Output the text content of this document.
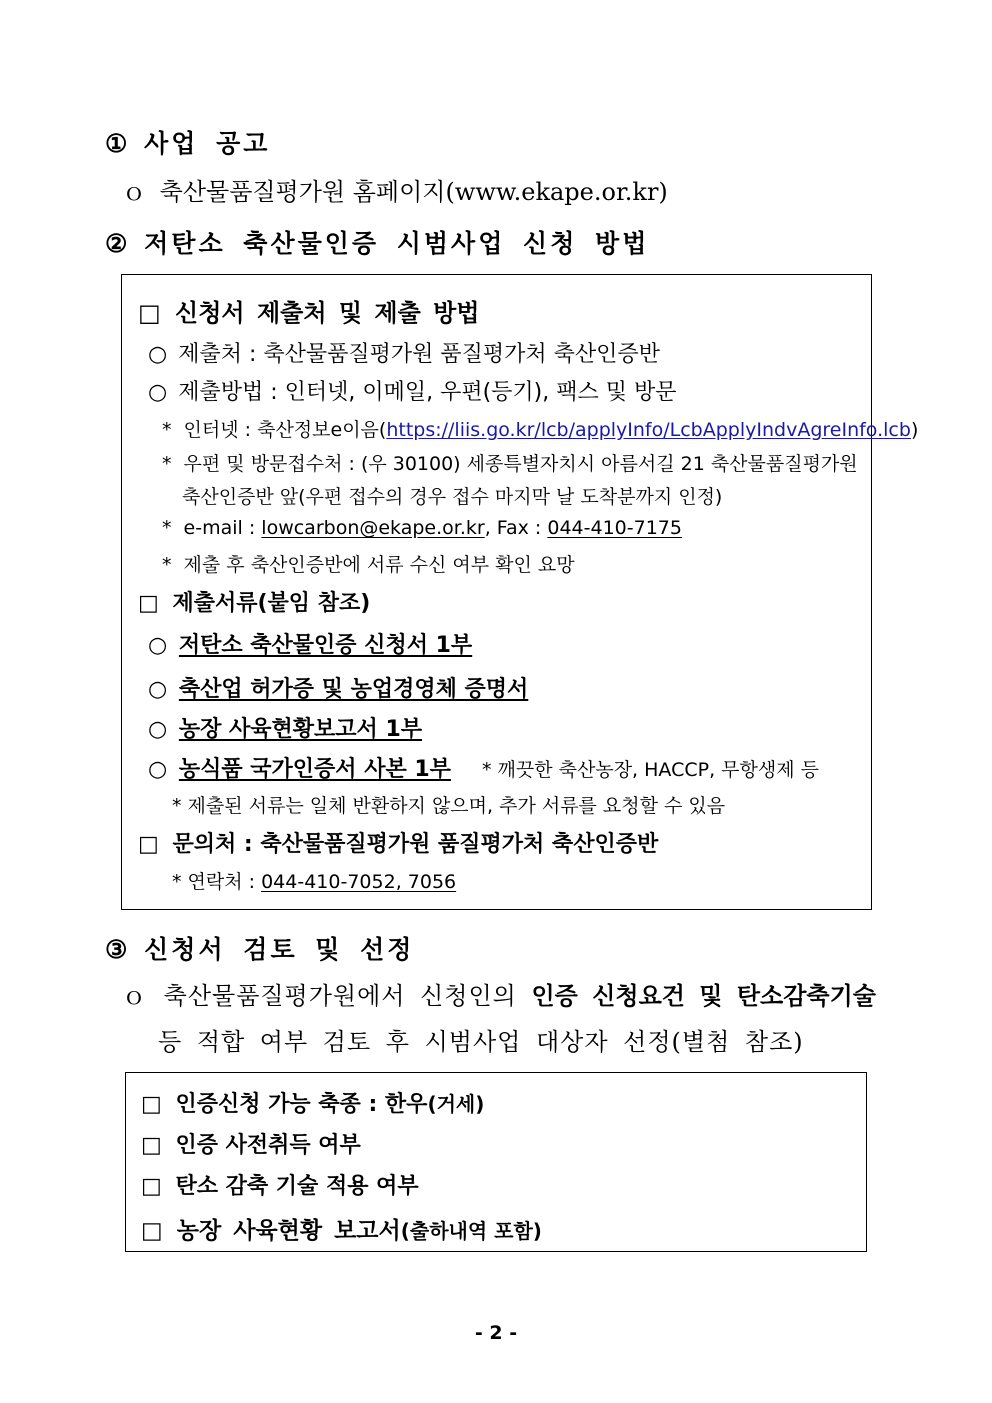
① 사업 공고
ｏ 축산물품질평가원 홈페이지(www.ekape.or.kr)
② 저탄소 축산물인증 시범사업 신청 방법
□ 신청서 제출처 및 제출 방법
○ 제출처 : 축산물품질평가원 품질평가처 축산인증반
○ 제출방법 : 인터넷, 이메일, 우편(등기), 팩스 및 방문
* 인터넷 : 축산정보e이음(https://liis.go.kr/lcb/applyInfo/LcbApplyIndvAgreInfo.lcb)
* 우편 및 방문접수처 : (우 30100) 세종특별자치시 아름서길 21 축산물품질평가원
축산인증반 앞(우편 접수의 경우 접수 마지막 날 도착분까지 인정)
* e-mail : lowcarbon@ekape.or.kr, Fax : 044-410-7175
* 제출 후 축산인증반에 서류 수신 여부 확인 요망
□ 제출서류(붙임 참조)
○ 저탄소 축산물인증 신청서 1부
○ 축산업 허가증 및 농업경영체 증명서
○ 농장 사육현황보고서 1부
○ 농식품 국가인증서 사본 1부 * 깨끗한 축산농장, HACCP, 무항생제 등
* 제출된 서류는 일체 반환하지 않으며, 추가 서류를 요청할 수 있음
□ 문의처 : 축산물품질평가원 품질평가처 축산인증반
* 연락처 : 044-410-7052, 7056
③ 신청서 검토 및 선정
ｏ 축산물품질평가원에서 신청인의 인증 신청요건 및 탄소감축기술
등 적합 여부 검토 후 시범사업 대상자 선정(별첨 참조)
□ 인증신청 가능 축종 : 한우(거세)
□ 인증 사전취득 여부
□ 탄소 감축 기술 적용 여부
□ 농장 사육현황 보고서(출하내역 포함)
- 2 -
